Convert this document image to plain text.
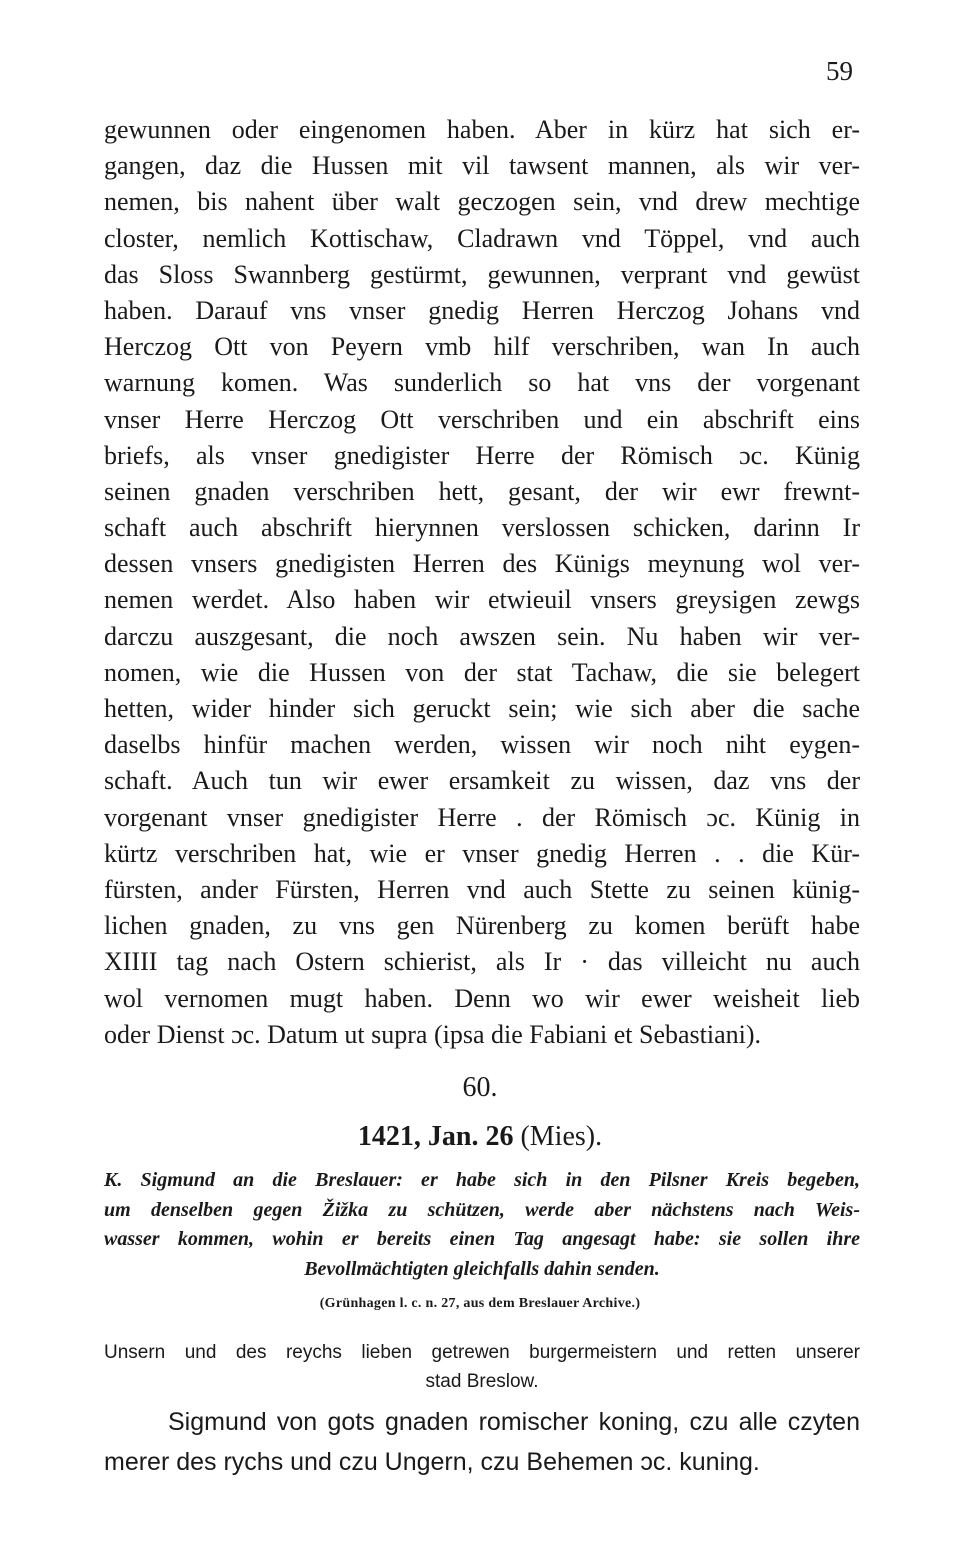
59
gewunnen oder eingenomen haben. Aber in kürz hat sich er-
gangen, daz die Hussen mit vil tawsent mannen, als wir ver-
nemen, bis nahent über walt geczogen sein, vnd drew mechtige
closter, nemlich Kottischaw, Cladrawn vnd Töppel, vnd auch
das Sloss Swannberg gestürmt, gewunnen, verprant vnd gewüst
haben. Darauf vns vnser gnedig Herren Herczog Johans vnd
Herczog Ott von Peyern vmb hilf verschriben, wan In auch
warnung komen. Was sunderlich so hat vns der vorgenant
vnser Herre Herczog Ott verschriben und ein abschrift eins
briefs, als vnser gnedigister Herre der Römisch ɔc. Künig
seinen gnaden verschriben hett, gesant, der wir ewr frewnt-
schaft auch abschrift hierynnen verslossen schicken, darinn Ir
dessen vnsers gnedigisten Herren des Künigs meynung wol ver-
nemen werdet. Also haben wir etwieuil vnsers greysigen zewgs
darczu auszgesant, die noch awszen sein. Nu haben wir ver-
nomen, wie die Hussen von der stat Tachaw, die sie belegert
hetten, wider hinder sich geruckt sein; wie sich aber die sache
daselbs hinfür machen werden, wissen wir noch niht eygen-
schaft. Auch tun wir ewer ersamkeit zu wissen, daz vns der
vorgenant vnser gnedigister Herre . der Römisch ɔc. Künig in
kürtz verschriben hat, wie er vnser gnedig Herren . . die Kür-
fürsten, ander Fürsten, Herren vnd auch Stette zu seinen künig-
lichen gnaden, zu vns gen Nürenberg zu komen berüft habe
XIIII tag nach Ostern schierist, als Ir · das villeicht nu auch
wol vernomen mugt haben. Denn wo wir ewer weisheit lieb
oder Dienst ɔc. Datum ut supra (ipsa die Fabiani et Sebastiani).
60.
1421, Jan. 26 (Mies).
K. Sigmund an die Breslauer: er habe sich in den Pilsner Kreis begeben,
um denselben gegen Žižka zu schützen, werde aber nächstens nach Weis-
wasser kommen, wohin er bereits einen Tag angesagt habe: sie sollen ihre
Bevollmächtigten gleichfalls dahin senden.
(Grünhagen l. c. n. 27, aus dem Breslauer Archive.)
Unsern und des reychs lieben getrewen burgermeistern und retten unserer
stad Breslow.
Sigmund von gots gnaden romischer koning, czu alle czyten
merer des rychs und czu Ungern, czu Behemen ɔc. kuning.
